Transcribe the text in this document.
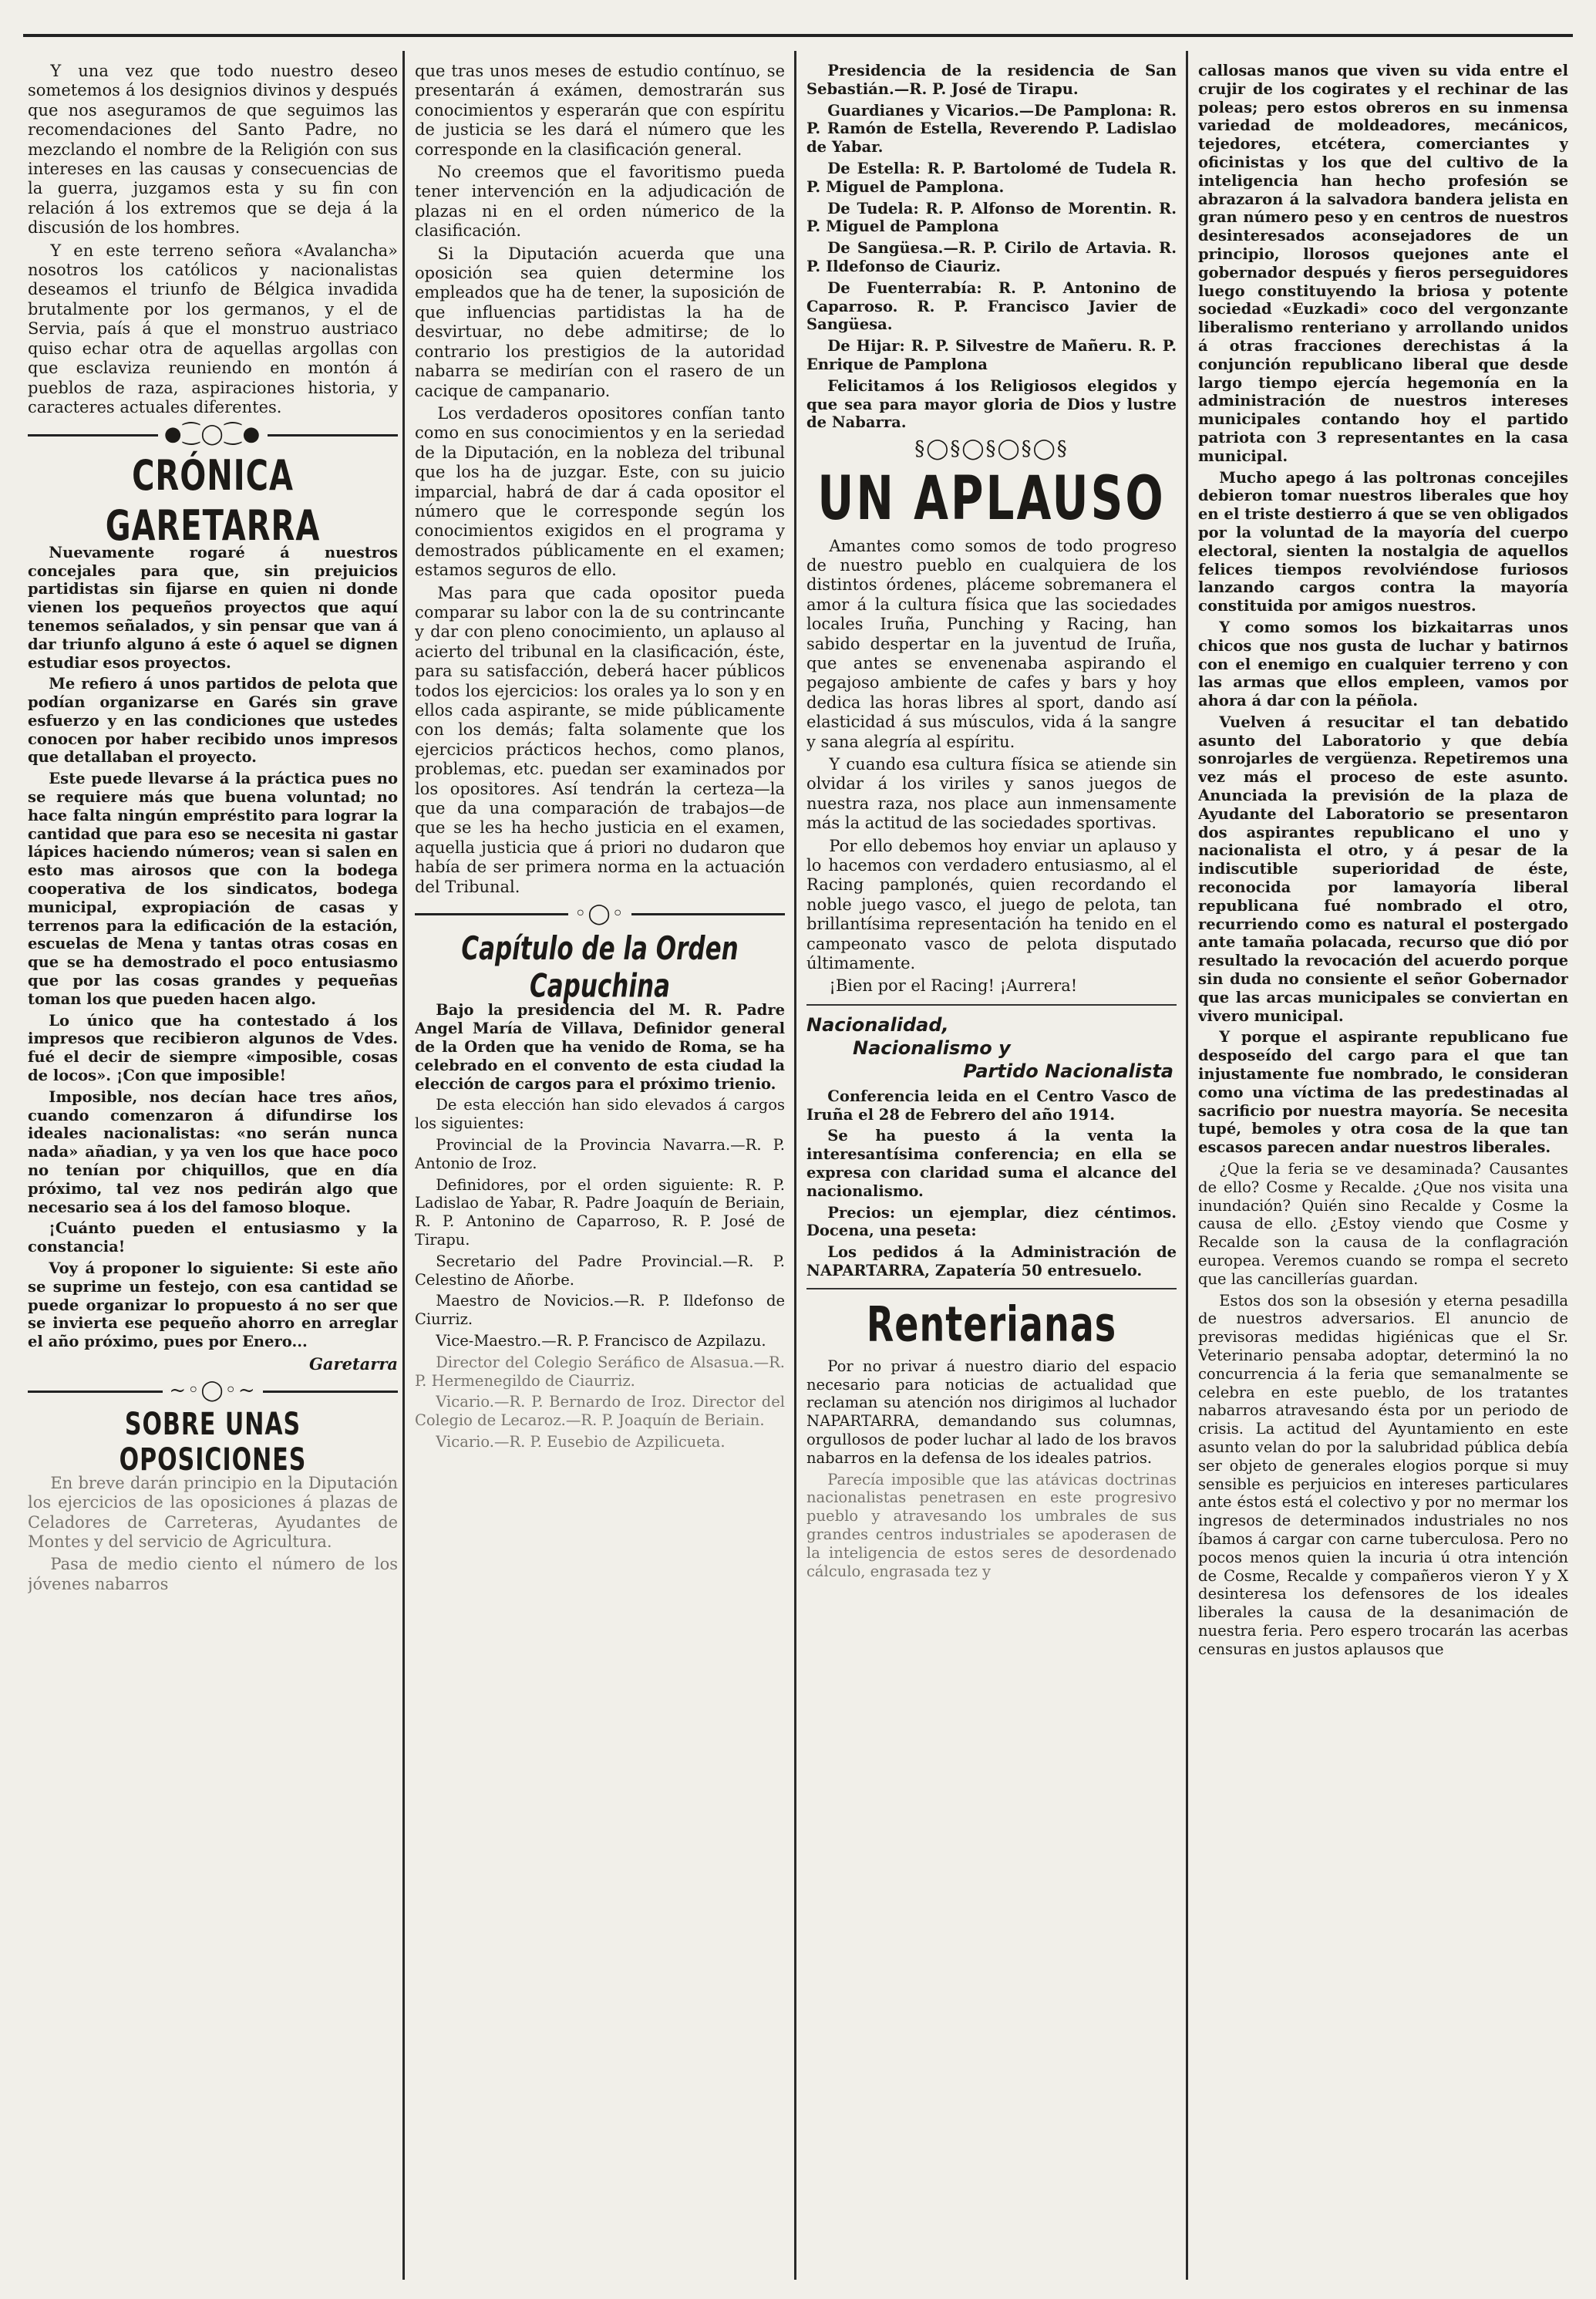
Y una vez que todo nuestro deseo sometemos á los designios divinos y después que nos aseguramos de que seguimos las recomendaciones del Santo Padre, no mezclando el nombre de la Religión con sus intereses en las causas y consecuencias de la guerra, juzgamos esta y su fin con relación á los extremos que se deja á la discusión de los hombres.

Y en este terreno señora «Avalancha» nosotros los católicos y nacionalistas deseamos el triunfo de Bélgica invadida brutalmente por los germanos, y el de Servia, país á que el monstruo austriaco quiso echar otra de aquellas argollas con que esclaviza reuniendo en montón á pueblos de raza, aspiraciones historia, y caracteres actuales diferentes.

●⁐◯⁐●
CRÓNICA GARETARRA

Nuevamente rogaré á nuestros concejales para que, sin prejuicios partidistas sin fijarse en quien ni donde vienen los pequeños proyectos que aquí tenemos señalados, y sin pensar que van á dar triunfo alguno á este ó aquel se dignen estudiar esos proyectos.

Me refiero á unos partidos de pelota que podían organizarse en Garés sin grave esfuerzo y en las condiciones que ustedes conocen por haber recibido unos impresos que detallaban el proyecto.

Este puede llevarse á la práctica pues no se requiere más que buena voluntad; no hace falta ningún empréstito para lograr la cantidad que para eso se necesita ni gastar lápices haciendo números; vean si salen en esto mas airosos que con la bodega cooperativa de los sindicatos, bodega municipal, expropiación de casas y terrenos para la edificación de la estación, escuelas de Mena y tantas otras cosas en que se ha demostrado el poco entusiasmo que por las cosas grandes y pequeñas toman los que pueden hacen algo.

Lo único que ha contestado á los impresos que recibieron algunos de Vdes. fué el decir de siempre «imposible, cosas de locos». ¡Con que imposible!

Imposible, nos decían hace tres años, cuando comenzaron á difundirse los ideales nacionalistas: «no serán nunca nada» añadian, y ya ven los que hace poco no tenían por chiquillos, que en día próximo, tal vez nos pedirán algo que necesario sea á los del famoso bloque.

¡Cuánto pueden el entusiasmo y la constancia!

Voy á proponer lo siguiente: Si este año se suprime un festejo, con esa cantidad se puede organizar lo propuesto á no ser que se invierta ese pequeño ahorro en arreglar el año próximo, pues por Enero...

Garetarra

~◦◯◦~
SOBRE UNAS OPOSICIONES

En breve darán principio en la Diputación los ejercicios de las oposiciones á plazas de Celadores de Carreteras, Ayudantes de Montes y del servicio de Agricultura.

Pasa de medio ciento el número de los jóvenes nabarros

que tras unos meses de estudio contínuo, se presentarán á exámen, demostrarán sus conocimientos y esperarán que con espíritu de justicia se les dará el número que les corresponde en la clasificación general.

No creemos que el favoritismo pueda tener intervención en la adjudicación de plazas ni en el orden númerico de la clasificación.

Si la Diputación acuerda que una oposición sea quien determine los empleados que ha de tener, la suposición de que influencias partidistas la ha de desvirtuar, no debe admitirse; de lo contrario los prestigios de la autoridad nabarra se medirían con el rasero de un cacique de campanario.

Los verdaderos opositores confían tanto como en sus conocimientos y en la seriedad de la Diputación, en la nobleza del tribunal que los ha de juzgar. Este, con su juicio imparcial, habrá de dar á cada opositor el número que le corresponde según los conocimientos exigidos en el programa y demostrados públicamente en el examen; estamos seguros de ello.

Mas para que cada opositor pueda comparar su labor con la de su contrincante y dar con pleno conocimiento, un aplauso al acierto del tribunal en la clasificación, éste, para su satisfacción, deberá hacer públicos todos los ejercicios: los orales ya lo son y en ellos cada aspirante, se mide públicamente con los demás; falta solamente que los ejercicios prácticos hechos, como planos, problemas, etc. puedan ser examinados por los opositores. Así tendrán la certeza—la que da una comparación de trabajos—de que se les ha hecho justicia en el examen, aquella justicia que á priori no dudaron que había de ser primera norma en la actuación del Tribunal.

◦◯◦
Capítulo de la Orden Capuchina

Bajo la presidencia del M. R. Padre Angel María de Villava, Definidor general de la Orden que ha venido de Roma, se ha celebrado en el convento de esta ciudad la elección de cargos para el próximo trienio.

De esta elección han sido elevados á cargos los siguientes:

Provincial de la Provincia Navarra.—R. P. Antonio de Iroz.

Definidores, por el orden siguiente: R. P. Ladislao de Yabar, R. Padre Joaquín de Beriain, R. P. Antonino de Caparroso, R. P. José de Tirapu.

Secretario del Padre Provincial.—R. P. Celestino de Añorbe.

Maestro de Novicios.—R. P. Ildefonso de Ciurriz.

Vice-Maestro.—R. P. Francisco de Azpilazu.

Director del Colegio Seráfico de Alsasua.—R. P. Hermenegildo de Ciaurriz.

Vicario.—R. P. Bernardo de Iroz. Director del Colegio de Lecaroz.—R. P. Joaquín de Beriain.

Vicario.—R. P. Eusebio de Azpilicueta.

Presidencia de la residencia de San Sebastián.—R. P. José de Tirapu.

Guardianes y Vicarios.—De Pamplona: R. P. Ramón de Estella, Reverendo P. Ladislao de Yabar.

De Estella: R. P. Bartolomé de Tudela R. P. Miguel de Pamplona.

De Tudela: R. P. Alfonso de Morentin. R. P. Miguel de Pamplona

De Sangüesa.—R. P. Cirilo de Artavia. R. P. Ildefonso de Ciauriz.

De Fuenterrabía: R. P. Antonino de Caparroso. R. P. Francisco Javier de Sangüesa.

De Hijar: R. P. Silvestre de Mañeru. R. P. Enrique de Pamplona

Felicitamos á los Religiosos elegidos y que sea para mayor gloria de Dios y lustre de Nabarra.

§◯§◯§◯§◯§
UN APLAUSO

Amantes como somos de todo progreso de nuestro pueblo en cualquiera de los distintos órdenes, pláceme sobremanera el amor á la cultura física que las sociedades locales Iruña, Punching y Racing, han sabido despertar en la juventud de Iruña, que antes se envenenaba aspirando el pegajoso ambiente de cafes y bars y hoy dedica las horas libres al sport, dando así elasticidad á sus músculos, vida á la sangre y sana alegría al espíritu.

Y cuando esa cultura física se atiende sin olvidar á los viriles y sanos juegos de nuestra raza, nos place aun inmensamente más la actitud de las sociedades sportivas.

Por ello debemos hoy enviar un aplauso y lo hacemos con verdadero entusiasmo, al el Racing pamplonés, quien recordando el noble juego vasco, el juego de pelota, tan brillantísima representación ha tenido en el campeonato vasco de pelota disputado últimamente.

¡Bien por el Racing! ¡Aurrera!

Nacionalidad,
Nacionalismo y
Partido Nacionalista

Conferencia leida en el Centro Vasco de Iruña el 28 de Febrero del año 1914.

Se ha puesto á la venta la interesantísima conferencia; en ella se expresa con claridad suma el alcance del nacionalismo.

Precios: un ejemplar, diez céntimos. Docena, una peseta:

Los pedidos á la Administración de NAPARTARRA, Zapatería 50 entresuelo.

Renterianas

Por no privar á nuestro diario del espacio necesario para noticias de actualidad que reclaman su atención nos dirigimos al luchador NAPARTARRA, demandando sus columnas, orgullosos de poder luchar al lado de los bravos nabarros en la defensa de los ideales patrios.

Parecía imposible que las atávicas doctrinas nacionalistas penetrasen en este progresivo pueblo y atravesando los umbrales de sus grandes centros industriales se apoderasen de la inteligencia de estos seres de desordenado cálculo, engrasada tez y

callosas manos que viven su vida entre el crujir de los cogirates y el rechinar de las poleas; pero estos obreros en su inmensa variedad de moldeadores, mecánicos, tejedores, etcétera, comerciantes y oficinistas y los que del cultivo de la inteligencia han hecho profesión se abrazaron á la salvadora bandera jelista en gran número peso y en centros de nuestros desinteresados aconsejadores de un principio, llorosos quejones ante el gobernador después y fieros perseguidores luego constituyendo la briosa y potente sociedad «Euzkadi» coco del vergonzante liberalismo renteriano y arrollando unidos á otras fracciones derechistas á la conjunción republicano liberal que desde largo tiempo ejercía hegemonía en la administración de nuestros intereses municipales contando hoy el partido patriota con 3 representantes en la casa municipal.

Mucho apego á las poltronas concejiles debieron tomar nuestros liberales que hoy en el triste destierro á que se ven obligados por la voluntad de la mayoría del cuerpo electoral, sienten la nostalgia de aquellos felices tiempos revolviéndose furiosos lanzando cargos contra la mayoría constituida por amigos nuestros.

Y como somos los bizkaitarras unos chicos que nos gusta de luchar y batirnos con el enemigo en cualquier terreno y con las armas que ellos empleen, vamos por ahora á dar con la péñola.

Vuelven á resucitar el tan debatido asunto del Laboratorio y que debía sonrojarles de vergüenza. Repetiremos una vez más el proceso de este asunto. Anunciada la previsión de la plaza de Ayudante del Laboratorio se presentaron dos aspirantes republicano el uno y nacionalista el otro, y á pesar de la indiscutible superioridad de éste, reconocida por lamayoría liberal republicana fué nombrado el otro, recurriendo como es natural el postergado ante tamaña polacada, recurso que dió por resultado la revocación del acuerdo porque sin duda no consiente el señor Gobernador que las arcas municipales se conviertan en vivero municipal.

Y porque el aspirante republicano fue desposeído del cargo para el que tan injustamente fue nombrado, le consideran como una víctima de las predestinadas al sacrificio por nuestra mayoría. Se necesita tupé, bemoles y otra cosa de la que tan escasos parecen andar nuestros liberales.

¿Que la feria se ve desaminada? Causantes de ello? Cosme y Recalde. ¿Que nos visita una inundación? Quién sino Recalde y Cosme la causa de ello. ¿Estoy viendo que Cosme y Recalde son la causa de la conflagración europea. Veremos cuando se rompa el secreto que las cancillerías guardan.

Estos dos son la obsesión y eterna pesadilla de nuestros adversarios. El anuncio de previsoras medidas higiénicas que el Sr. Veterinario pensaba adoptar, determinó la no concurrencia á la feria que semanalmente se celebra en este pueblo, de los tratantes nabarros atravesando ésta por un periodo de crisis. La actitud del Ayuntamiento en este asunto velan do por la salubridad pública debía ser objeto de generales elogios porque si muy sensible es perjuicios en intereses particulares ante éstos está el colectivo y por no mermar los ingresos de determinados industriales no nos íbamos á cargar con carne tuberculosa. Pero no pocos menos quien la incuria ú otra intención de Cosme, Recalde y compañeros vieron Y y X desinteresa los defensores de los ideales liberales la causa de la desanimación de nuestra feria. Pero espero trocarán las acerbas censuras en justos aplausos que
